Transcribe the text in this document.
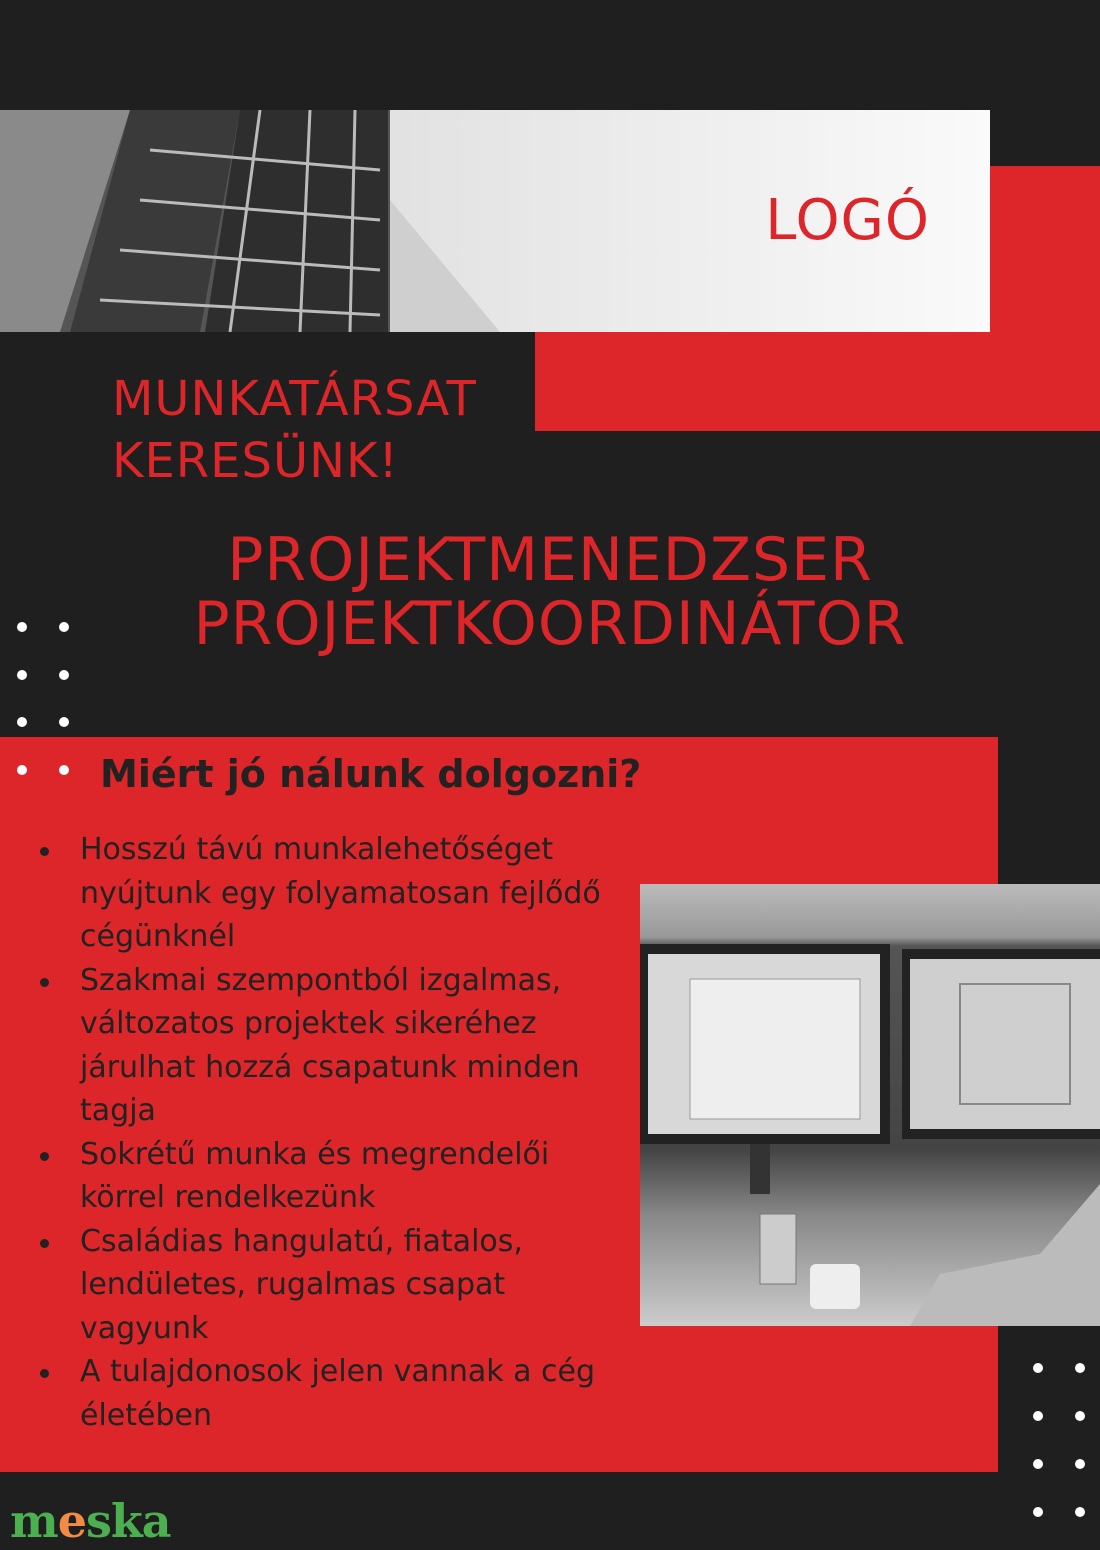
LOGÓ
MUNKATÁRSAT
KERESÜNK!
PROJEKTMENEDZSER
PROJEKTKOORDINÁTOR
Miért jó nálunk dolgozni?
Hosszú távú munkalehetőséget nyújtunk egy folyamatosan fejlődő cégünknél
Szakmai szempontból izgalmas, változatos projektek sikeréhez járulhat hozzá csapatunk minden tagja
Sokrétű munka és megrendelői körrel rendelkezünk
Családias hangulatú, fiatalos, lendületes, rugalmas csapat vagyunk
A tulajdonosok jelen vannak a cég életében
meska
